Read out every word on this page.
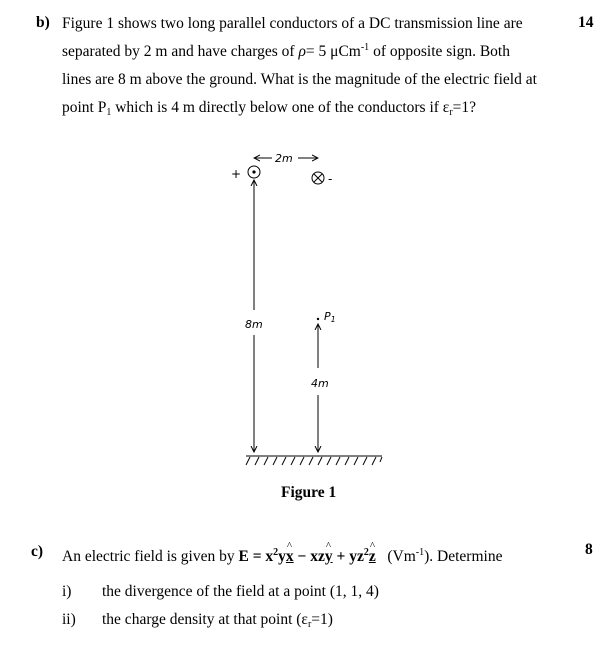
b)	14
Figure 1 shows two long parallel conductors of a DC transmission line are
separated by 2 m and have charges of ρ= 5 μCm$^{-1}$ of opposite sign. Both
lines are 8 m above the ground. What is the magnitude of the electric field at
point $P_1$ which is 4 m directly below one of the conductors if $\varepsilon_r=1$?
+	-
2m
8m
P1
4m
Figure 1
c)	8
An electric field is given by $E = x^2y\^{}$ x − xz^ $y + yz^2\^{}$ z $(Vm^{-1})$. Determine
i) the divergence of the field at a point (1, 1, 4)
ii) the charge density at that point $(\varepsilon_r=1)$
